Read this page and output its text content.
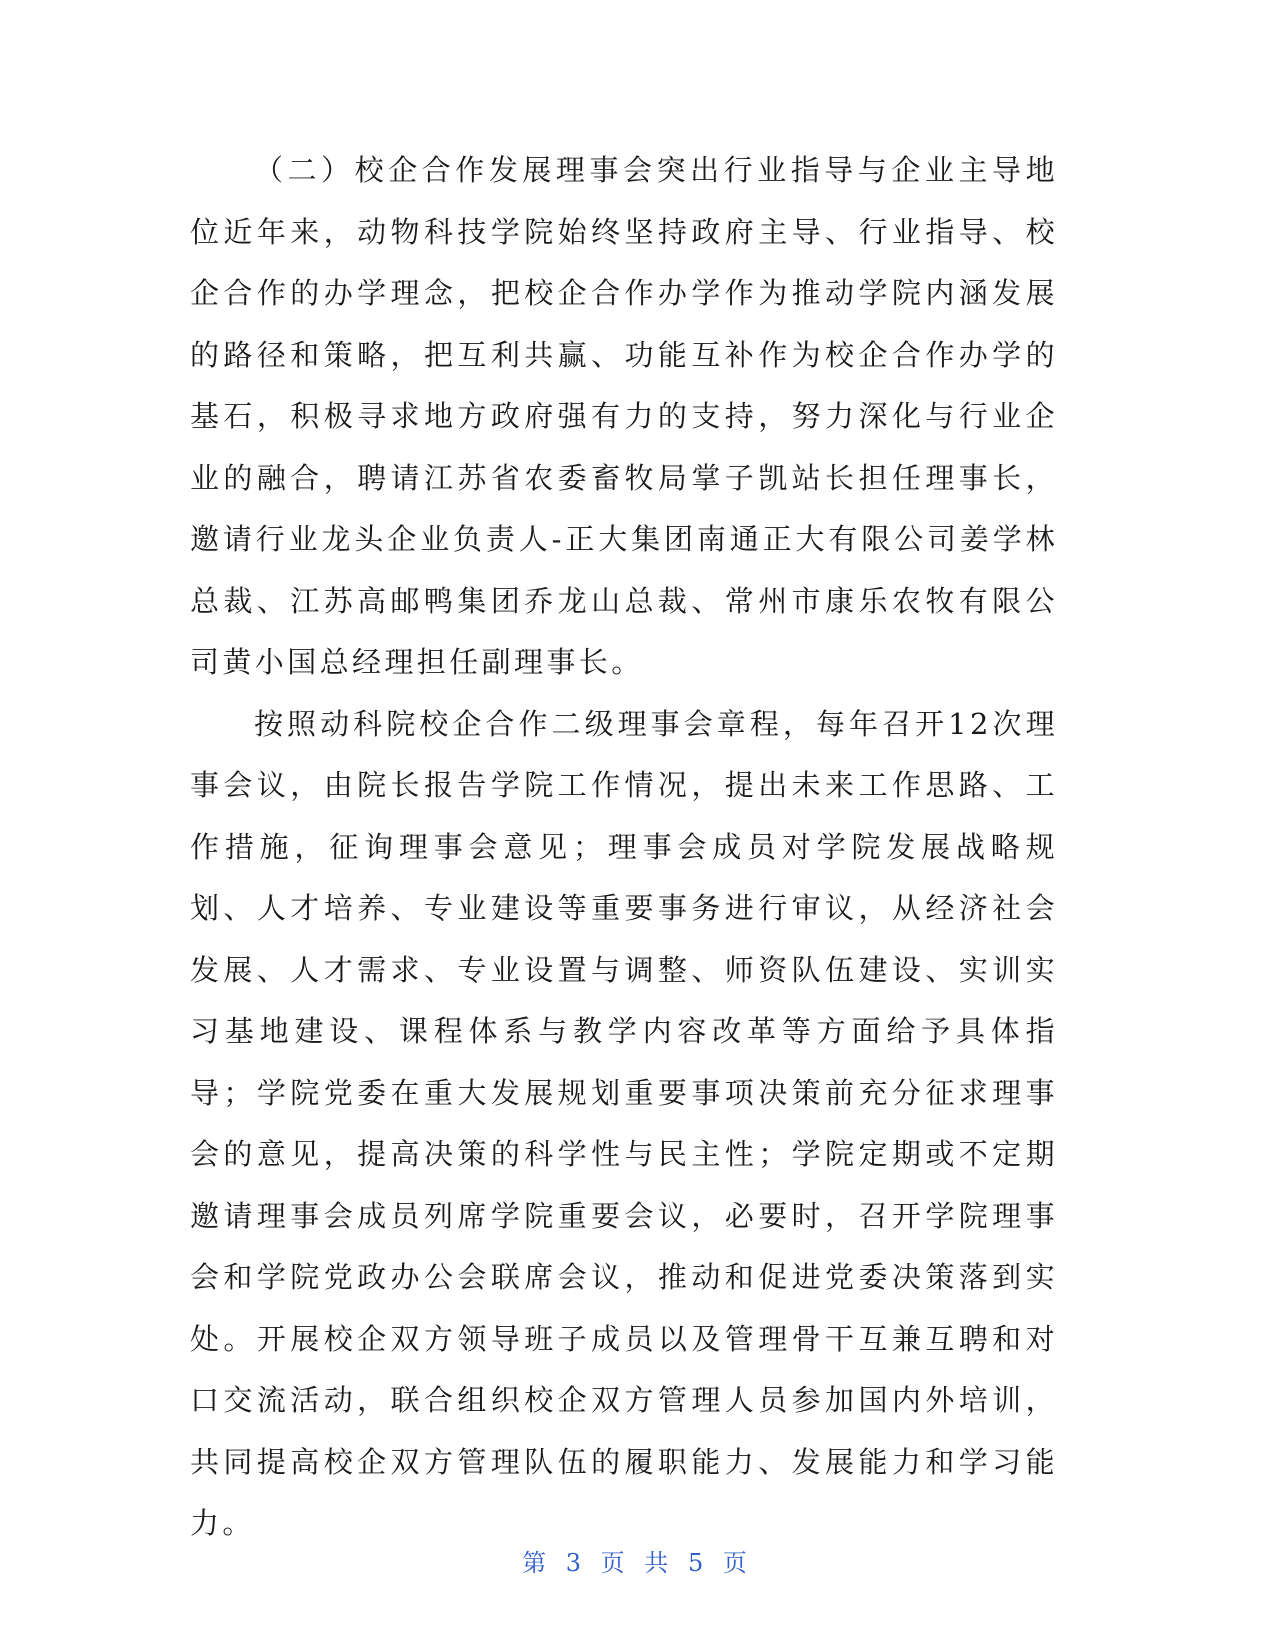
（二）校企合作发展理事会突出行业指导与企业主导地位近年来，动物科技学院始终坚持政府主导、行业指导、校企合作的办学理念，把校企合作办学作为推动学院内涵发展的路径和策略，把互利共赢、功能互补作为校企合作办学的基石，积极寻求地方政府强有力的支持，努力深化与行业企业的融合，聘请江苏省农委畜牧局掌子凯站长担任理事长，邀请行业龙头企业负责人-正大集团南通正大有限公司姜学林总裁、江苏高邮鸭集团乔龙山总裁、常州市康乐农牧有限公司黄小国总经理担任副理事长。

按照动科院校企合作二级理事会章程，每年召开12次理事会议，由院长报告学院工作情况，提出未来工作思路、工作措施，征询理事会意见；理事会成员对学院发展战略规划、人才培养、专业建设等重要事务进行审议，从经济社会发展、人才需求、专业设置与调整、师资队伍建设、实训实习基地建设、课程体系与教学内容改革等方面给予具体指导；学院党委在重大发展规划重要事项决策前充分征求理事会的意见，提高决策的科学性与民主性；学院定期或不定期邀请理事会成员列席学院重要会议，必要时，召开学院理事会和学院党政办公会联席会议，推动和促进党委决策落到实处。开展校企双方领导班子成员以及管理骨干互兼互聘和对口交流活动，联合组织校企双方管理人员参加国内外培训，共同提高校企双方管理队伍的履职能力、发展能力和学习能力。

第 3 页 共 5 页
